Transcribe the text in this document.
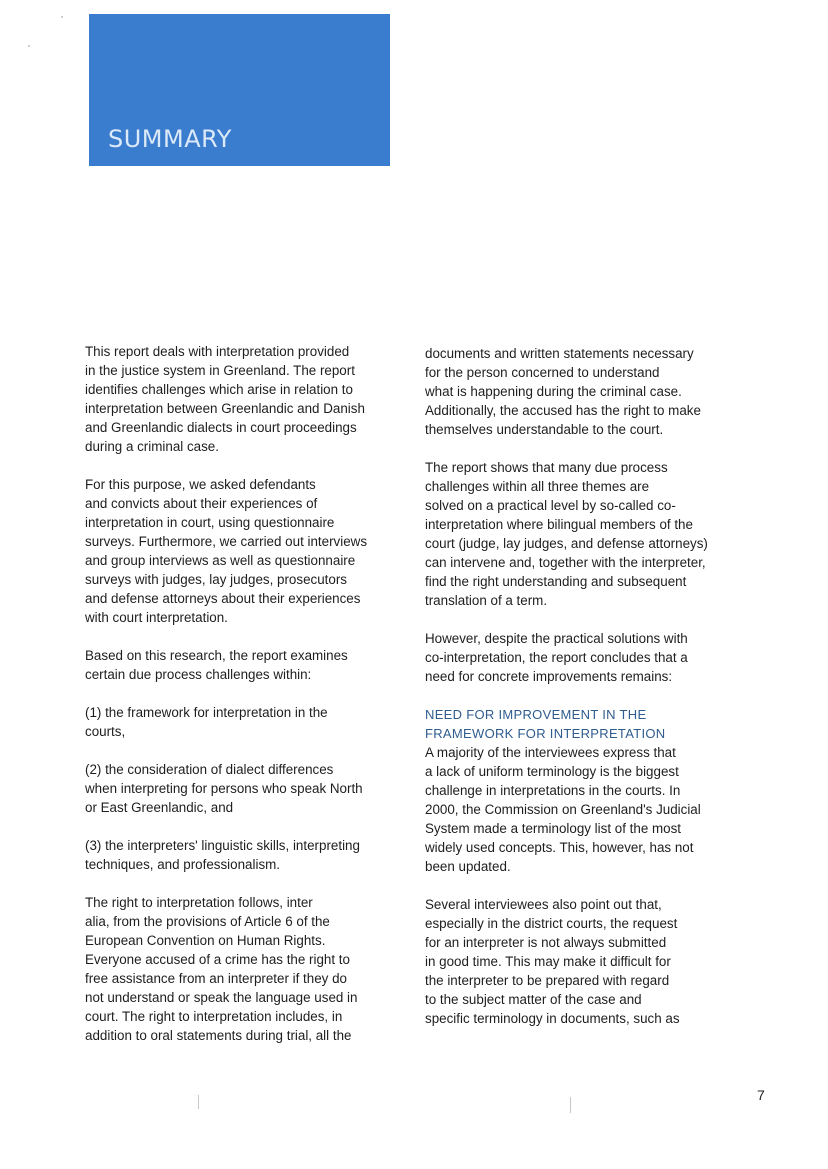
SUMMARY

This report deals with interpretation provided
in the justice system in Greenland. The report
identifies challenges which arise in relation to
interpretation between Greenlandic and Danish
and Greenlandic dialects in court proceedings
during a criminal case.

For this purpose, we asked defendants
and convicts about their experiences of
interpretation in court, using questionnaire
surveys. Furthermore, we carried out interviews
and group interviews as well as questionnaire
surveys with judges, lay judges, prosecutors
and defense attorneys about their experiences
with court interpretation.

Based on this research, the report examines
certain due process challenges within:

(1) the framework for interpretation in the
courts,

(2) the consideration of dialect differences
when interpreting for persons who speak North
or East Greenlandic, and

(3) the interpreters' linguistic skills, interpreting
techniques, and professionalism.

The right to interpretation follows, inter
alia, from the provisions of Article 6 of the
European Convention on Human Rights.
Everyone accused of a crime has the right to
free assistance from an interpreter if they do
not understand or speak the language used in
court. The right to interpretation includes, in
addition to oral statements during trial, all the

documents and written statements necessary
for the person concerned to understand
what is happening during the criminal case.
Additionally, the accused has the right to make
themselves understandable to the court.

The report shows that many due process
challenges within all three themes are
solved on a practical level by so-called co-
interpretation where bilingual members of the
court (judge, lay judges, and defense attorneys)
can intervene and, together with the interpreter,
find the right understanding and subsequent
translation of a term.

However, despite the practical solutions with
co-interpretation, the report concludes that a
need for concrete improvements remains:

NEED FOR IMPROVEMENT IN THE
FRAMEWORK FOR INTERPRETATION

A majority of the interviewees express that
a lack of uniform terminology is the biggest
challenge in interpretations in the courts. In
2000, the Commission on Greenland's Judicial
System made a terminology list of the most
widely used concepts. This, however, has not
been updated.

Several interviewees also point out that,
especially in the district courts, the request
for an interpreter is not always submitted
in good time. This may make it difficult for
the interpreter to be prepared with regard
to the subject matter of the case and
specific terminology in documents, such as

7
